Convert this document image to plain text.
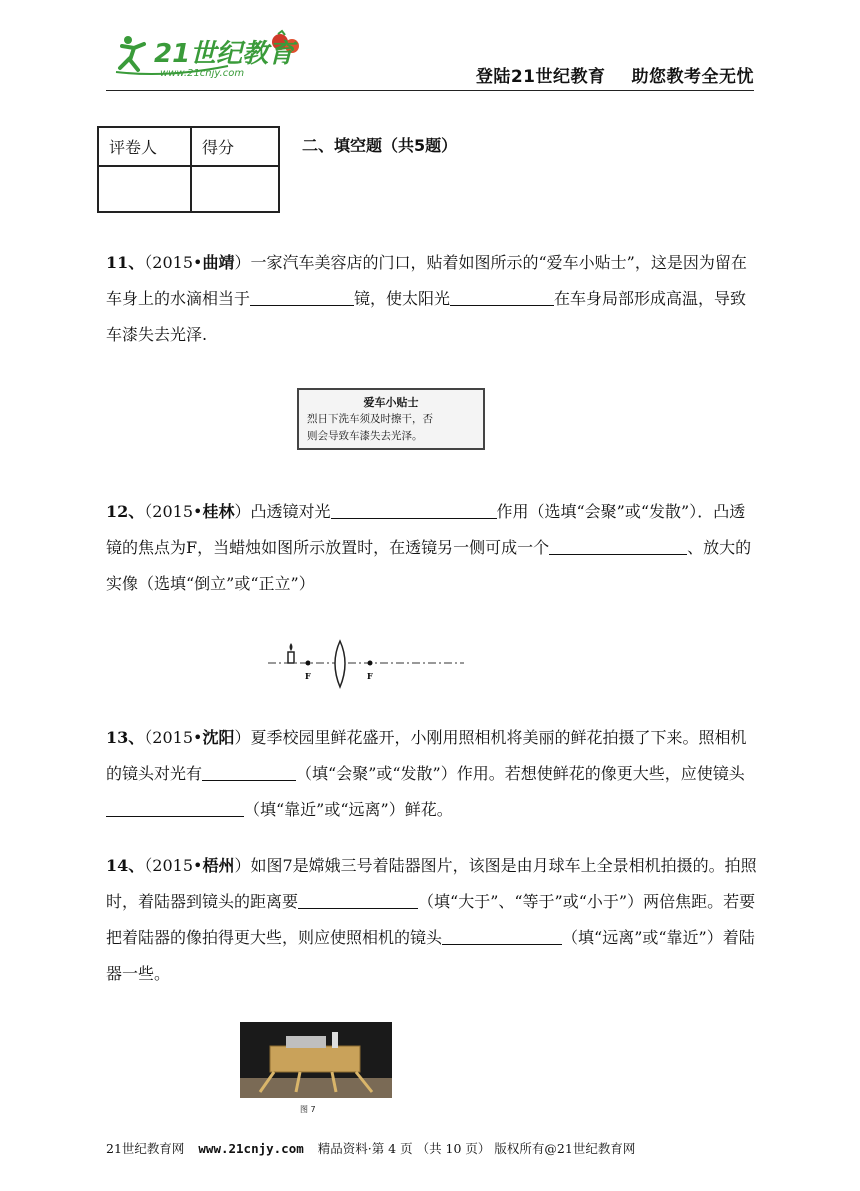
21世纪教育
www.21cnjy.com	登陆21世纪教育 助您教考全无忧
评卷人	得分
		二、填空题（共5题）
11、（2015•曲靖）一家汽车美容店的门口，贴着如图所示的“爱车小贴士”，这是因为留在车身上的水滴相当于	镜，使太阳光	在车身局部形成高温，导致车漆失去光泽.
爱车小贴士
烈日下洗车须及时擦干，否
则会导致车漆失去光泽。
12、（2015•桂林）凸透镜对光	作用（选填“会聚”或“发散”）．凸透镜的焦点为F，当蜡烛如图所示放置时，在透镜另一侧可成一个	、放大的实像（选填“倒立”或“正立”）
F	F
13、（2015•沈阳）夏季校园里鲜花盛开，小刚用照相机将美丽的鲜花拍摄了下来。照相机的镜头对光有	（填“会聚”或“发散”）作用。若想使鲜花的像更大些，应使镜头（填“靠近”或“远离”）鲜花。
14、（2015•梧州）如图7是嫦娥三号着陆器图片，该图是由月球车上全景相机拍摄的。拍照时，着陆器到镜头的距离要	（填“大于”、“等于”或“小于”）两倍焦距。若要把着陆器的像拍得更大些，则应使照相机的镜头	（填“远离”或“靠近”）着陆器一些。
图 7
21世纪教育网 www.21cnjy.com 精品资料·第 4 页 （共 10 页） 版权所有@21世纪教育网
